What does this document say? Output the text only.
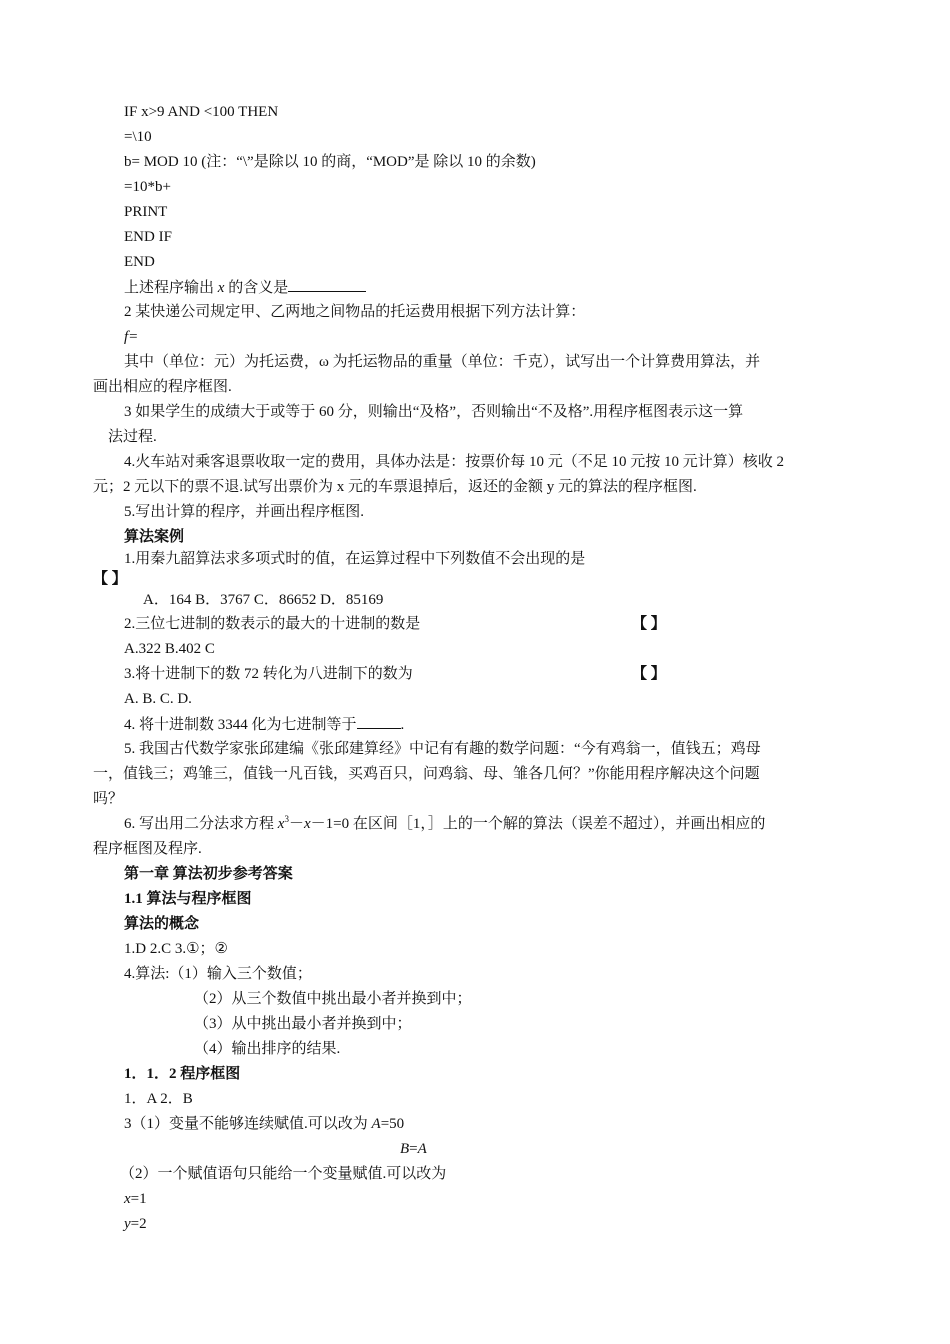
IF x>9 AND <100 THEN
=\10
b= MOD 10 (注：“\”是除以 10 的商，“MOD”是 除以 10 的余数)
=10*b+
PRINT
END IF
END
上述程序输出 x 的含义是
2 某快递公司规定甲、乙两地之间物品的托运费用根据下列方法计算：
f=
其中（单位：元）为托运费，ω 为托运物品的重量（单位：千克），试写出一个计算费用算法，并
画出相应的程序框图.
3 如果学生的成绩大于或等于 60 分，则输出“及格”，否则输出“不及格”.用程序框图表示这一算
法过程.
4.火车站对乘客退票收取一定的费用，具体办法是：按票价每 10 元（不足 10 元按 10 元计算）核收 2
元；2 元以下的票不退.试写出票价为 x 元的车票退掉后，返还的金额 y 元的算法的程序框图.
5.写出计算的程序，并画出程序框图.
算法案例
1.用秦九韶算法求多项式时的值，在运算过程中下列数值不会出现的是
【 】
A．164 B．3767 C．86652 D．85169
2.三位七进制的数表示的最大的十进制的数是	【 】
A.322 B.402 C
3.将十进制下的数 72 转化为八进制下的数为	【 】
A. B. C. D.
4. 将十进制数 3344 化为七进制等于	.
5. 我国古代数学家张邱建编《张邱建算经》中记有有趣的数学问题：“今有鸡翁一，值钱五；鸡母
一，值钱三；鸡雏三，值钱一凡百钱，买鸡百只，问鸡翁、母、雏各几何？”你能用程序解决这个问题
吗？
6. 写出用二分法求方程 $x^3-x-1=0$ 在区间［1，］上的一个解的算法（误差不超过），并画出相应的
程序框图及程序.
第一章 算法初步参考答案
1.1 算法与程序框图
算法的概念
1.D 2.C 3.①；②
4.算法:（1）输入三个数值；
（2）从三个数值中挑出最小者并换到中；
（3）从中挑出最小者并换到中；
（4）输出排序的结果.
1．1．2 程序框图
1．A 2．B
3（1）变量不能够连续赋值.可以改为 A=50
B=A
（2）一个赋值语句只能给一个变量赋值.可以改为
x=1
y=2
